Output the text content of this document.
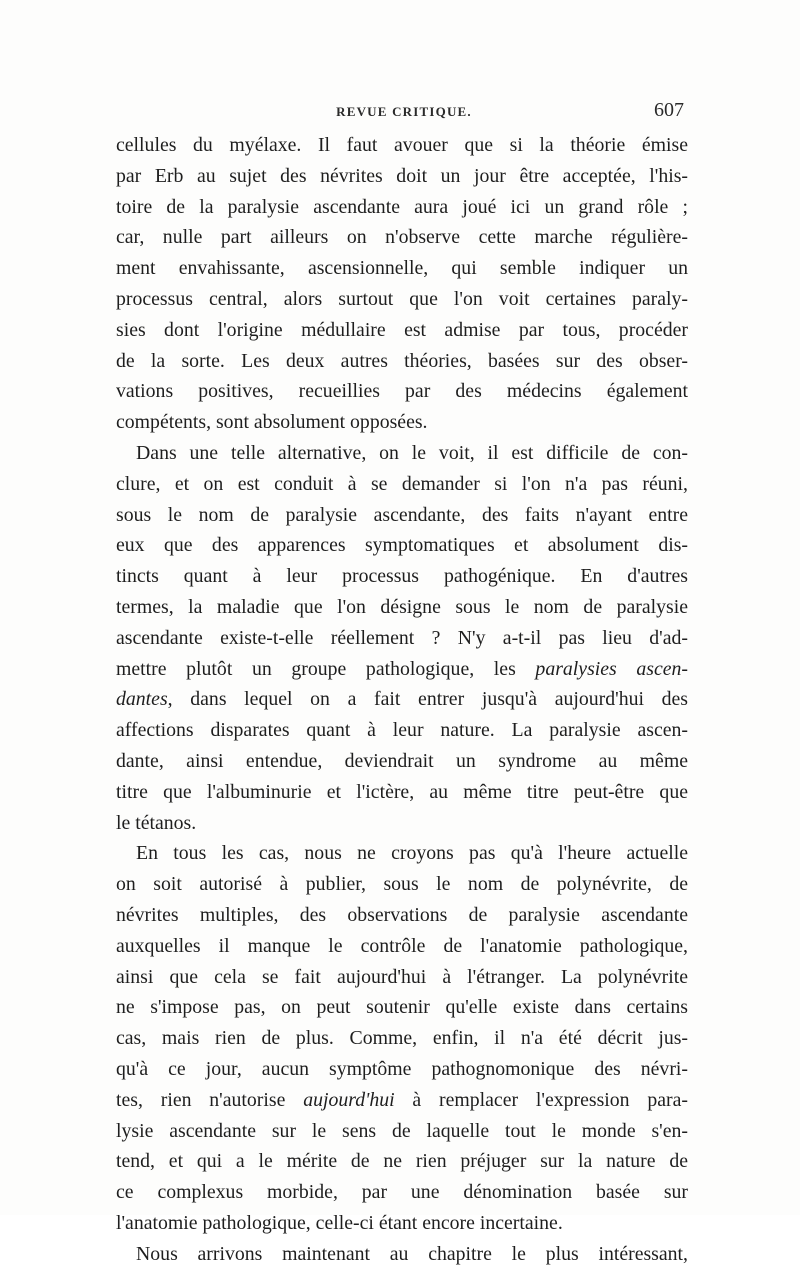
REVUE CRITIQUE.	607
cellules du myélaxe. Il faut avouer que si la théorie émise
par Erb au sujet des névrites doit un jour être acceptée, l'his-
toire de la paralysie ascendante aura joué ici un grand rôle ;
car, nulle part ailleurs on n'observe cette marche régulière-
ment envahissante, ascensionnelle, qui semble indiquer un
processus central, alors surtout que l'on voit certaines paraly-
sies dont l'origine médullaire est admise par tous, procéder
de la sorte. Les deux autres théories, basées sur des obser-
vations positives, recueillies par des médecins également
compétents, sont absolument opposées.
Dans une telle alternative, on le voit, il est difficile de con-
clure, et on est conduit à se demander si l'on n'a pas réuni,
sous le nom de paralysie ascendante, des faits n'ayant entre
eux que des apparences symptomatiques et absolument dis-
tincts quant à leur processus pathogénique. En d'autres
termes, la maladie que l'on désigne sous le nom de paralysie
ascendante existe-t-elle réellement ? N'y a-t-il pas lieu d'ad-
mettre plutôt un groupe pathologique, les paralysies ascen-
dantes, dans lequel on a fait entrer jusqu'à aujourd'hui des
affections disparates quant à leur nature. La paralysie ascen-
dante, ainsi entendue, deviendrait un syndrome au même
titre que l'albuminurie et l'ictère, au même titre peut-être que
le tétanos.
En tous les cas, nous ne croyons pas qu'à l'heure actuelle
on soit autorisé à publier, sous le nom de polynévrite, de
névrites multiples, des observations de paralysie ascendante
auxquelles il manque le contrôle de l'anatomie pathologique,
ainsi que cela se fait aujourd'hui à l'étranger. La polynévrite
ne s'impose pas, on peut soutenir qu'elle existe dans certains
cas, mais rien de plus. Comme, enfin, il n'a été décrit jus-
qu'à ce jour, aucun symptôme pathognomonique des névri-
tes, rien n'autorise aujourd'hui à remplacer l'expression para-
lysie ascendante sur le sens de laquelle tout le monde s'en-
tend, et qui a le mérite de ne rien préjuger sur la nature de
ce complexus morbide, par une dénomination basée sur
l'anatomie pathologique, celle-ci étant encore incertaine.
Nous arrivons maintenant au chapitre le plus intéressant,
